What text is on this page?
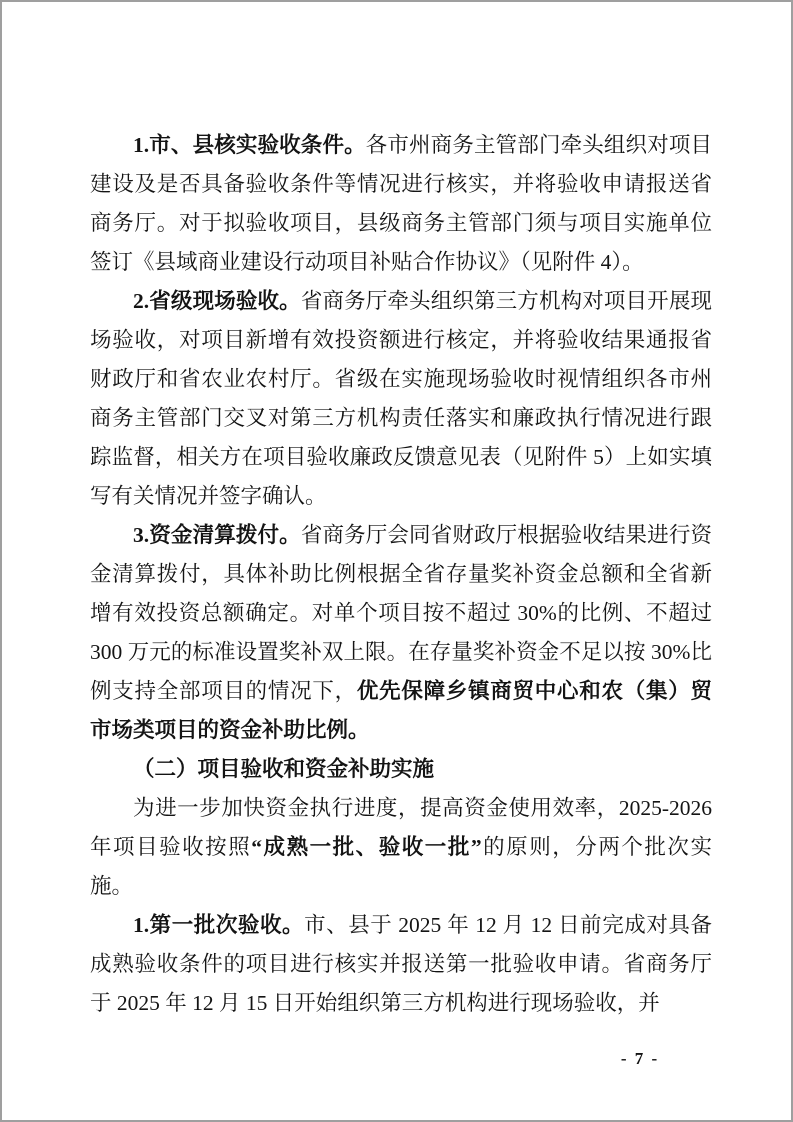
1.市、县核实验收条件。各市州商务主管部门牵头组织对项目建设及是否具备验收条件等情况进行核实，并将验收申请报送省商务厅。对于拟验收项目，县级商务主管部门须与项目实施单位签订《县域商业建设行动项目补贴合作协议》（见附件 4）。
2.省级现场验收。省商务厅牵头组织第三方机构对项目开展现场验收，对项目新增有效投资额进行核定，并将验收结果通报省财政厅和省农业农村厅。省级在实施现场验收时视情组织各市州商务主管部门交叉对第三方机构责任落实和廉政执行情况进行跟踪监督，相关方在项目验收廉政反馈意见表（见附件 5）上如实填写有关情况并签字确认。
3.资金清算拨付。省商务厅会同省财政厅根据验收结果进行资金清算拨付，具体补助比例根据全省存量奖补资金总额和全省新增有效投资总额确定。对单个项目按不超过 30%的比例、不超过 300 万元的标准设置奖补双上限。在存量奖补资金不足以按 30%比例支持全部项目的情况下，优先保障乡镇商贸中心和农（集）贸市场类项目的资金补助比例。
（二）项目验收和资金补助实施
为进一步加快资金执行进度，提高资金使用效率，2025-2026年项目验收按照“成熟一批、验收一批”的原则，分两个批次实施。
1.第一批次验收。市、县于 2025 年 12 月 12 日前完成对具备成熟验收条件的项目进行核实并报送第一批验收申请。省商务厅于 2025 年 12 月 15 日开始组织第三方机构进行现场验收，并
- 7 -
